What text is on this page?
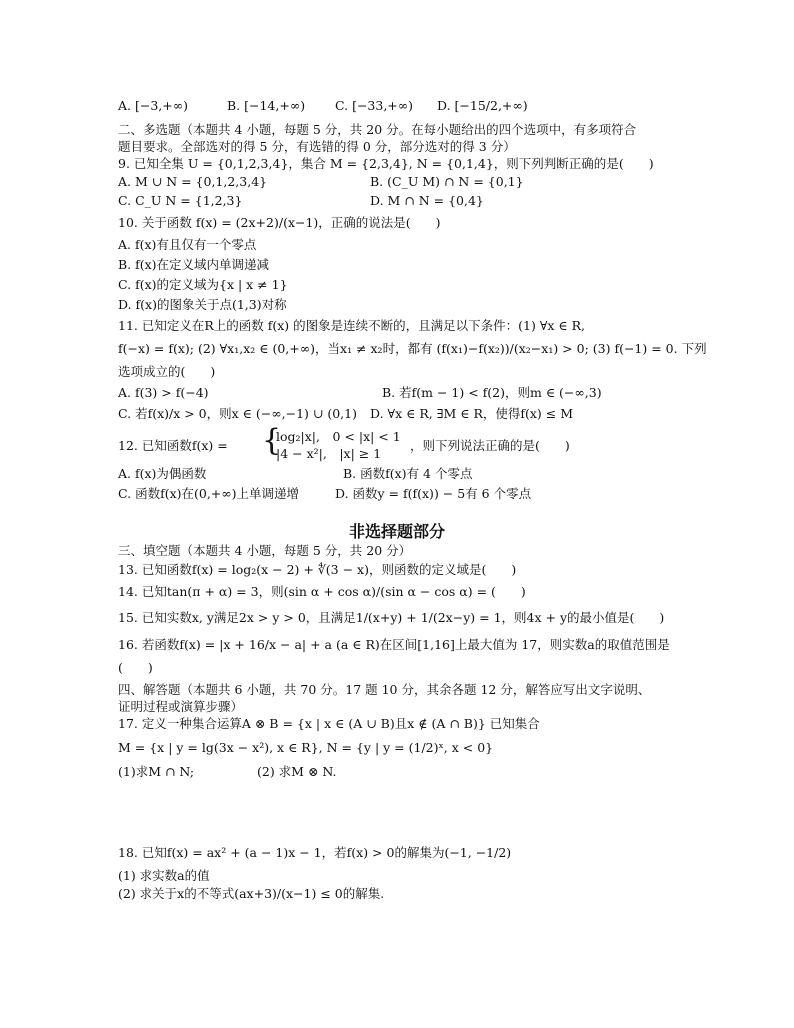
A. [−3,+∞)	B. [−14,+∞) C. [−33,+∞) D. [−15/2,+∞)
二、多选题（本题共 4 小题，每题 5 分，共 20 分。在每小题给出的四个选项中，有多项符合
题目要求。全部选对的得 5 分，有选错的得 0 分，部分选对的得 3 分）
9. 已知全集 U = {0,1,2,3,4}，集合 M = {2,3,4}, N = {0,1,4}，则下列判断正确的是(　　)
A. M ∪ N = {0,1,2,3,4}	B. (C_U M) ∩ N = {0,1}
C. C_U N = {1,2,3}	D. M ∩ N = {0,4}
10. 关于函数 f(x) = (2x+2)/(x−1)，正确的说法是(　　)
A. f(x)有且仅有一个零点
B. f(x)在定义域内单调递减
C. f(x)的定义域为{x | x ≠ 1}
D. f(x)的图象关于点(1,3)对称
11. 已知定义在R上的函数 f(x) 的图象是连续不断的，且满足以下条件：(1) ∀x ∈ R,
f(−x) = f(x); (2) ∀x₁,x₂ ∈ (0,+∞)，当x₁ ≠ x₂时，都有 (f(x₁)−f(x₂))/(x₂−x₁) > 0; (3) f(−1) = 0. 下列
选项成立的(　　)
A. f(3) > f(−4)	B. 若f(m − 1) < f(2)，则m ∈ (−∞,3)
C. 若f(x)/x > 0，则x ∈ (−∞,−1) ∪ (0,1) D. ∀x ∈ R, ∃M ∈ R，使得f(x) ≤ M
12. 已知函数f(x) = {
log₂|x|,　0 < |x| < 1
|4 − x²|,　|x| ≥ 1
，则下列说法正确的是(　　)
A. f(x)为偶函数	B. 函数f(x)有 4 个零点
C. 函数f(x)在(0,+∞)上单调递增	D. 函数y = f(f(x)) − 5有 6 个零点
非选择题部分
三、填空题（本题共 4 小题，每题 5 分，共 20 分）
13. 已知函数f(x) = log₂(x − 2) + ∜(3 − x)，则函数的定义域是(　　)
14. 已知tan(π + α) = 3，则(sin α + cos α)/(sin α − cos α) = (　　)
15. 已知实数x, y满足2x > y > 0，且满足1/(x+y) + 1/(2x−y) = 1，则4x + y的最小值是(　　)
16. 若函数f(x) = |x + 16/x − a| + a (a ∈ R)在区间[1,16]上最大值为 17，则实数a的取值范围是
(　　)
四、解答题（本题共 6 小题，共 70 分。17 题 10 分，其余各题 12 分，解答应写出文字说明、
证明过程或演算步骤）
17. 定义一种集合运算A ⊗ B = {x | x ∈ (A ∪ B)且x ∉ (A ∩ B)} 已知集合
M = {x | y = lg(3x − x²), x ∈ R}, N = {y | y = (1/2)ˣ, x < 0}
(1)求M ∩ N;	(2) 求M ⊗ N.
18. 已知f(x) = ax² + (a − 1)x − 1，若f(x) > 0的解集为(−1, −1/2)
(1) 求实数a的值
(2) 求关于x的不等式(ax+3)/(x−1) ≤ 0的解集.
